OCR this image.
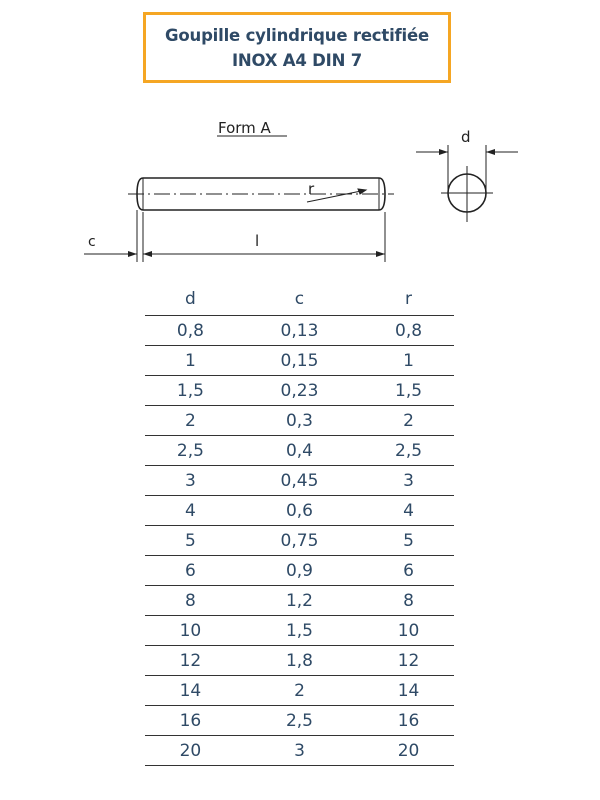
Goupille cylindrique rectifiée
INOX A4 DIN 7
Form A
r
c	l
d
d	c	r
0,8	0,13	0,8
1	0,15	1
1,5	0,23	1,5
2	0,3	2
2,5	0,4	2,5
3	0,45	3
4	0,6	4
5	0,75	5
6	0,9	6
8	1,2	8
10	1,5	10
12	1,8	12
14	2	14
16	2,5	16
20	3	20
